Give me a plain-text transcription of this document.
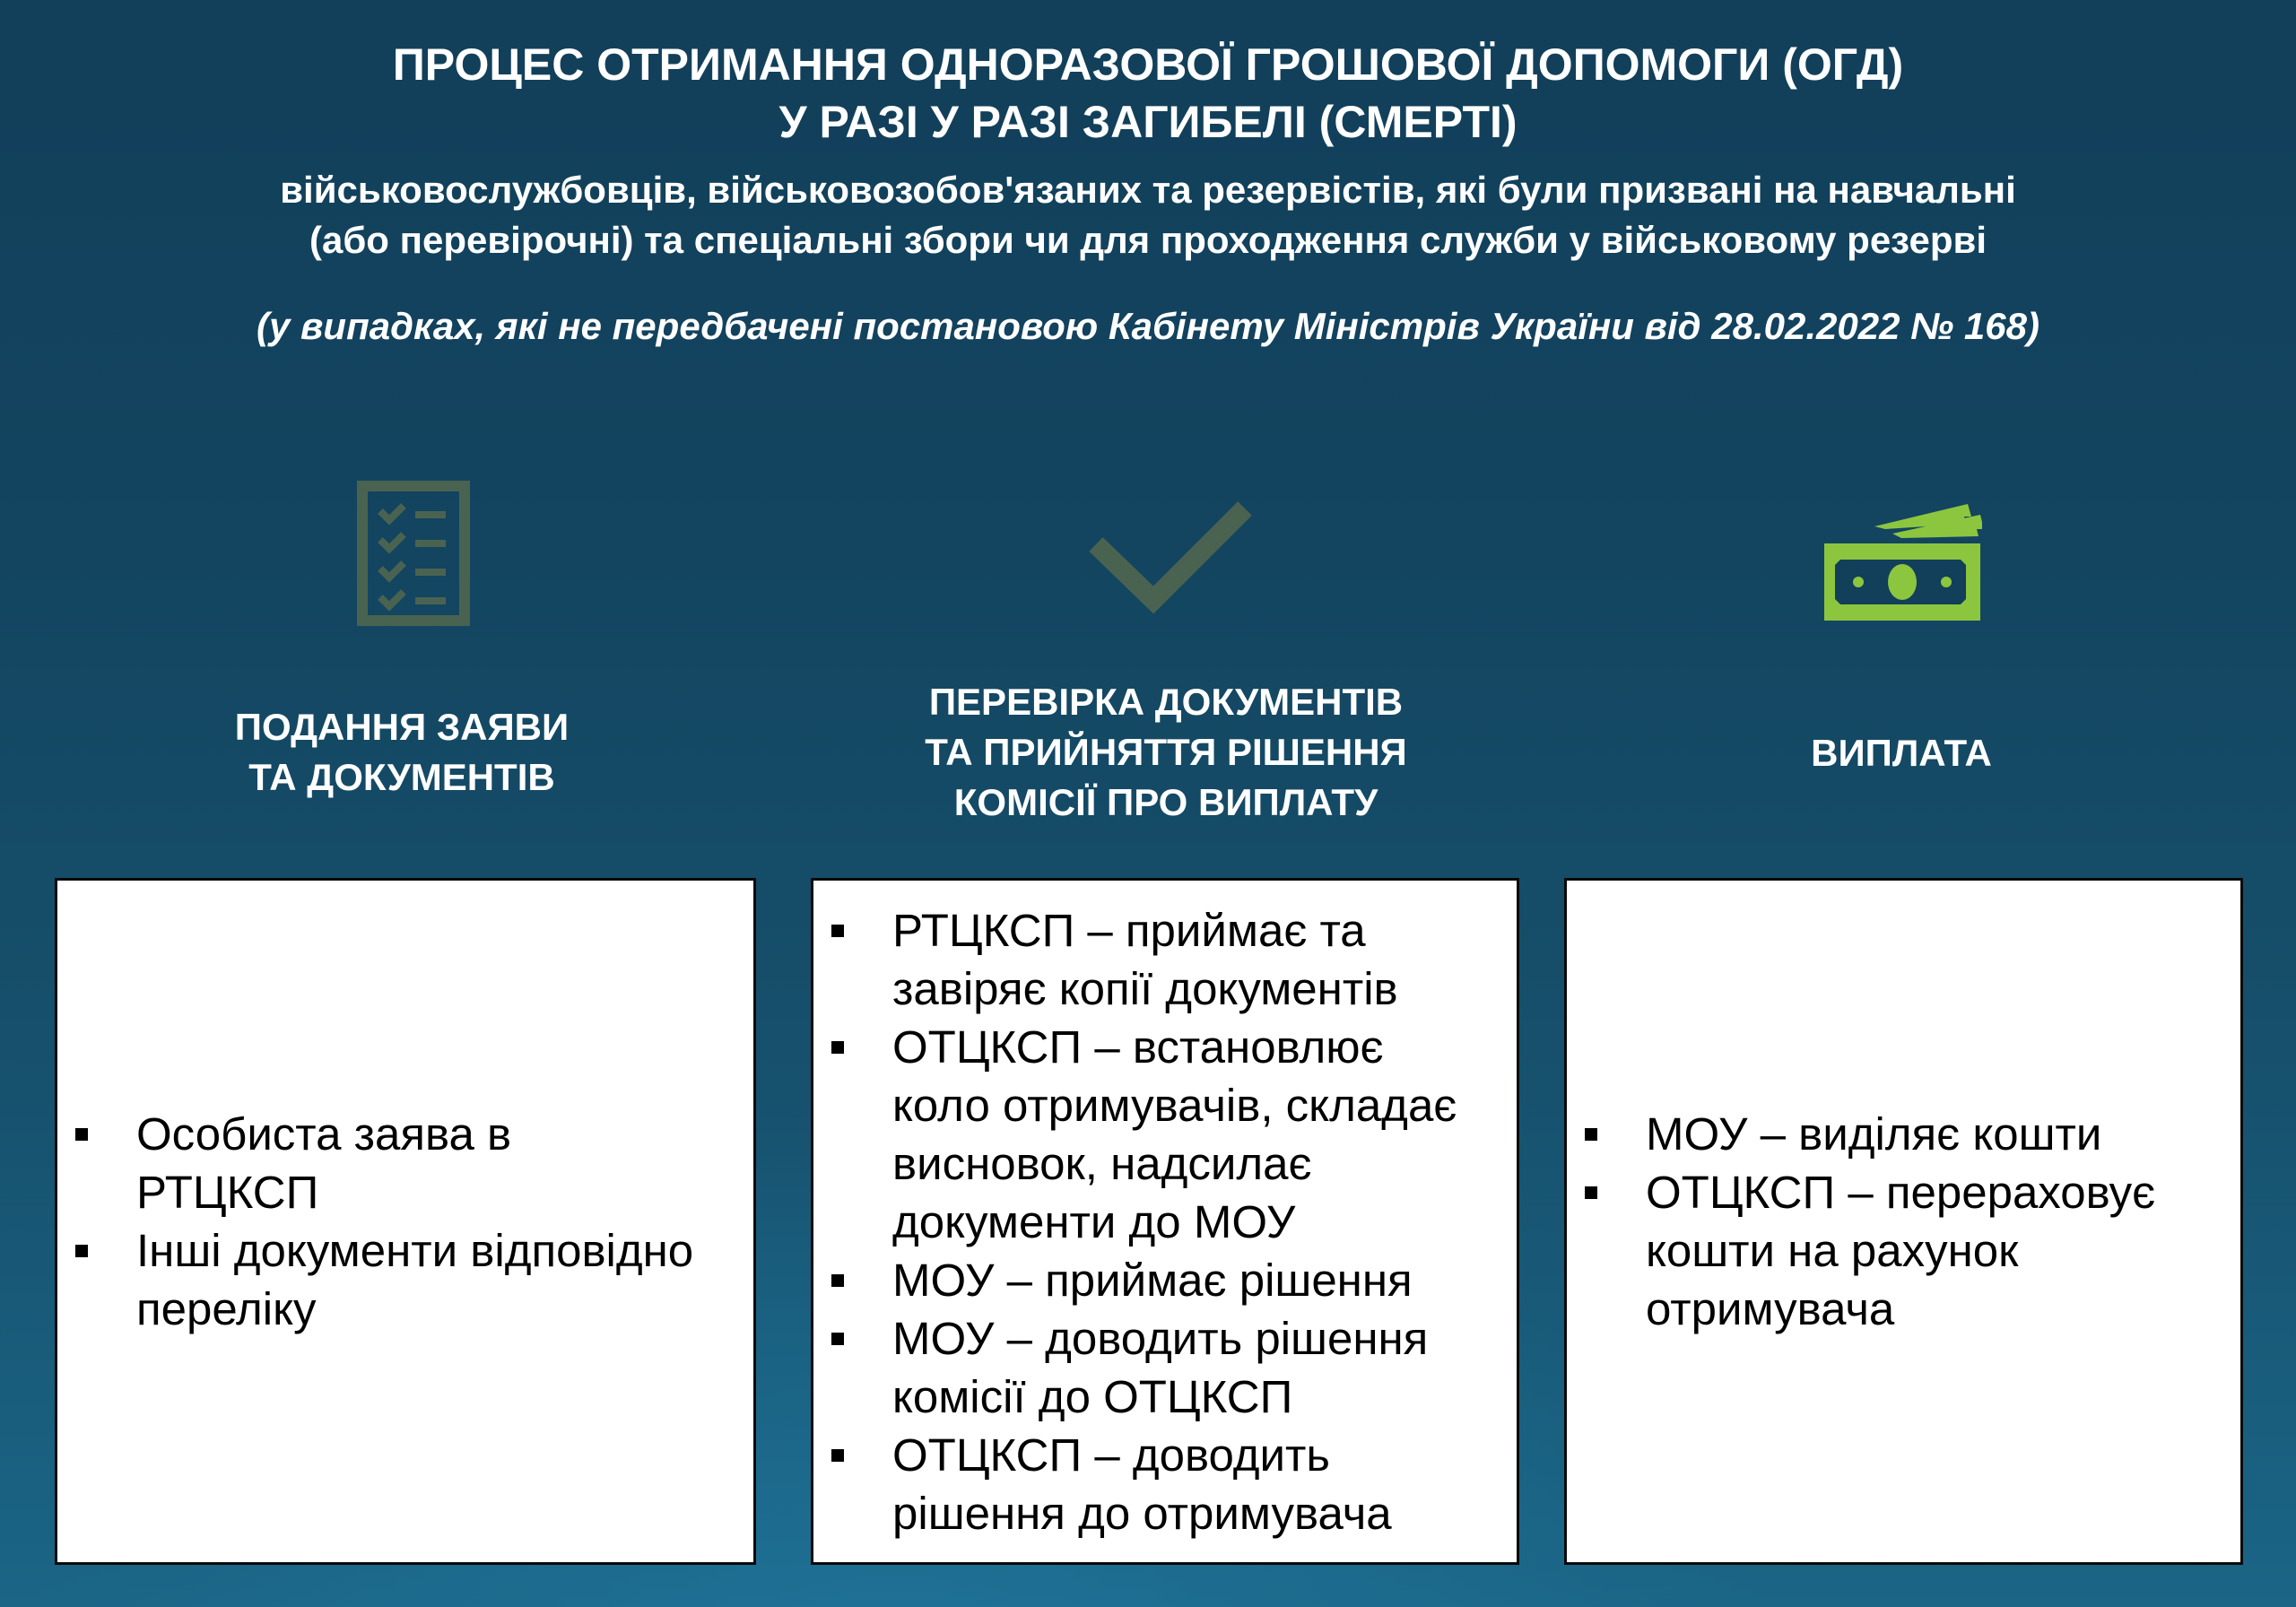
ПРОЦЕС ОТРИМАННЯ ОДНОРАЗОВОЇ ГРОШОВОЇ ДОПОМОГИ (ОГД)
У РАЗІ У РАЗІ ЗАГИБЕЛІ (СМЕРТІ)
військовослужбовців, військовозобов'язаних та резервістів, які були призвані на навчальні
(або перевірочні) та спеціальні збори чи для проходження служби у військовому резерві
(у випадках, які не передбачені постановою Кабінету Міністрів України від 28.02.2022 № 168)
ПОДАННЯ ЗАЯВИ
ТА ДОКУМЕНТІВ
ПЕРЕВІРКА ДОКУМЕНТІВ
ТА ПРИЙНЯТТЯ РІШЕННЯ
КОМІСІЇ ПРО ВИПЛАТУ
ВИПЛАТА
Особиста заява в
РТЦКСП
Інші документи відповідно
переліку
РТЦКСП – приймає та
завіряє копії документів
ОТЦКСП – встановлює
коло отримувачів, складає
висновок, надсилає
документи до МОУ
МОУ – приймає рішення
МОУ – доводить рішення
комісії до ОТЦКСП
ОТЦКСП – доводить
рішення до отримувача
МОУ – виділяє кошти
ОТЦКСП – перераховує
кошти на рахунок
отримувача
